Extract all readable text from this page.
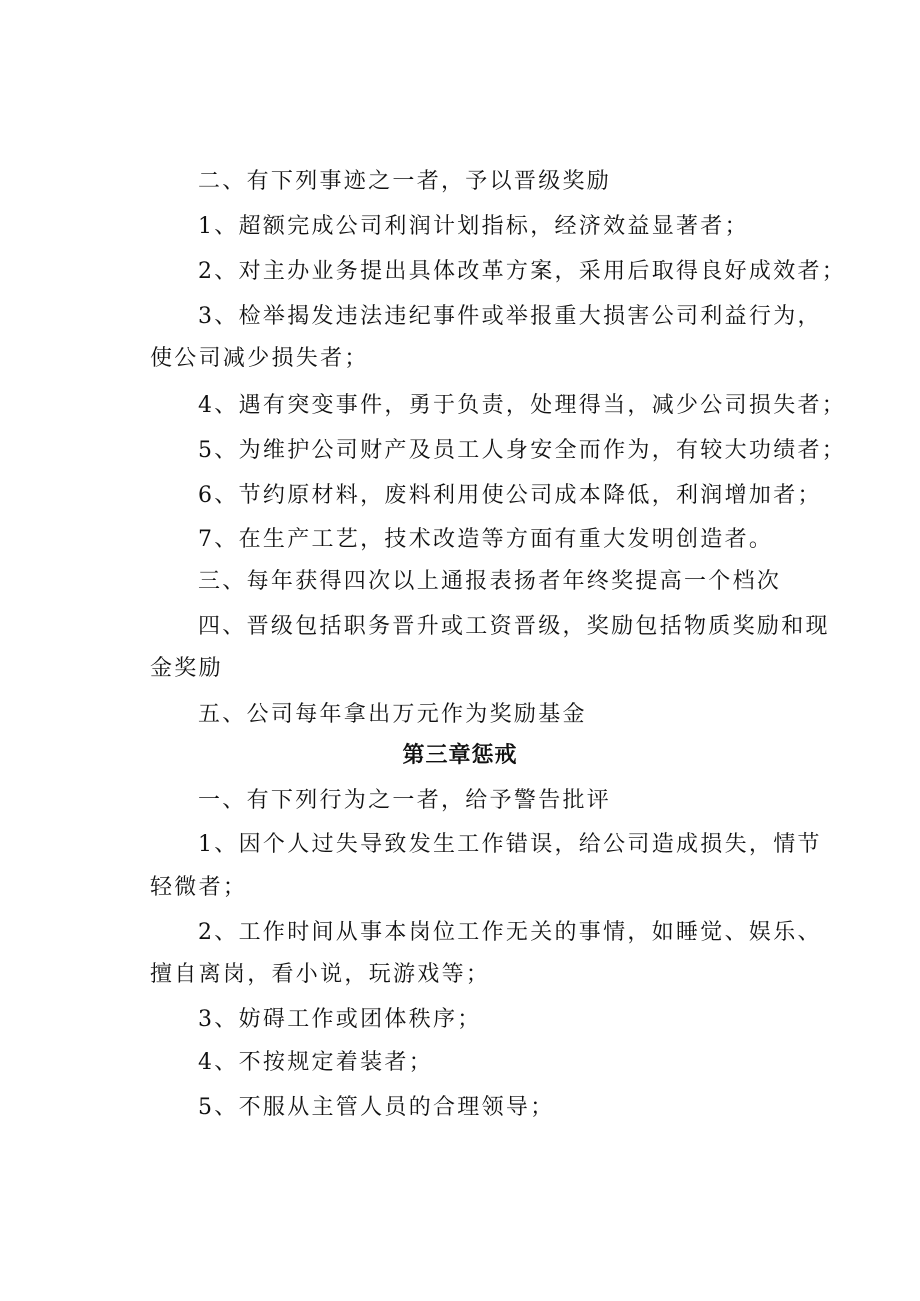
二、有下列事迹之一者，予以晋级奖励
1、超额完成公司利润计划指标，经济效益显著者；
2、对主办业务提出具体改革方案，采用后取得良好成效者；
3、检举揭发违法违纪事件或举报重大损害公司利益行为，
使公司减少损失者；
4、遇有突变事件，勇于负责，处理得当，减少公司损失者；
5、为维护公司财产及员工人身安全而作为，有较大功绩者；
6、节约原材料，废料利用使公司成本降低，利润增加者；
7、在生产工艺，技术改造等方面有重大发明创造者。
三、每年获得四次以上通报表扬者年终奖提高一个档次
四、晋级包括职务晋升或工资晋级，奖励包括物质奖励和现
金奖励
五、公司每年拿出万元作为奖励基金
第三章惩戒
一、有下列行为之一者，给予警告批评
1、因个人过失导致发生工作错误，给公司造成损失，情节
轻微者；
2、工作时间从事本岗位工作无关的事情，如睡觉、娱乐、
擅自离岗，看小说，玩游戏等；
3、妨碍工作或团体秩序；
4、不按规定着装者；
5、不服从主管人员的合理领导；
